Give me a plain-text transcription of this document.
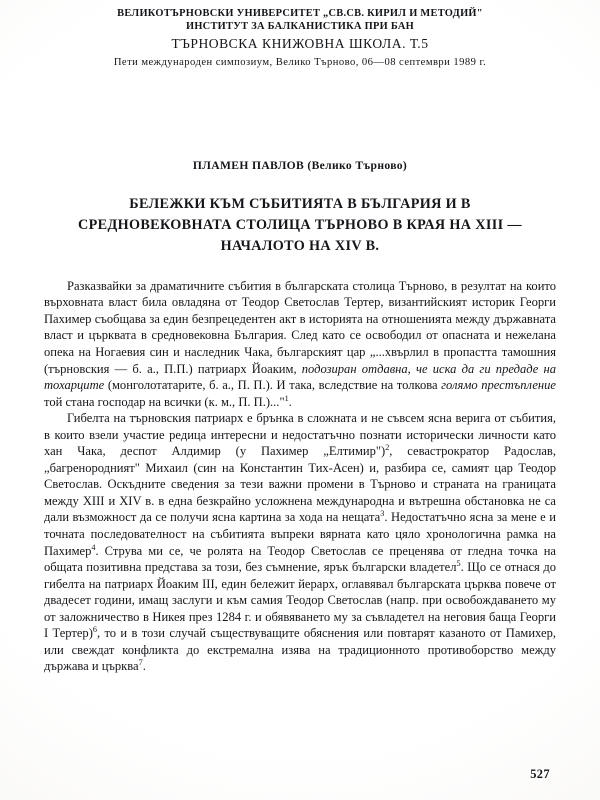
ВЕЛИКОТЪРНОВСКИ УНИВЕРСИТЕТ „СВ.СВ. КИРИЛ И МЕТОДИЙ"
ИНСТИТУТ ЗА БАЛКАНИСТИКА ПРИ БАН
ТЪРНОВСКА КНИЖОВНА ШКОЛА. Т.5
Пети международен симпозиум, Велико Търново, 06—08 септември 1989 г.
ПЛАМЕН ПАВЛОВ (Велико Търново)
БЕЛЕЖКИ КЪМ СЪБИТИЯТА В БЪЛГАРИЯ И В
СРЕДНОВЕКОВНАТА СТОЛИЦА ТЪРНОВО В КРАЯ НА XIII —
НАЧАЛОТО НА XIV В.

Разказвайки за драматичните събития в българската столица Търново, в резултат на които върховната власт била овладяна от Теодор Светослав Тертер, византийският историк Георги Пахимер съобщава за един безпрецедентен акт в историята на отношенията между държавната власт и църквата в средновековна България. След като се освободил от опасната и нежелана опека на Ногаевия син и наследник Чака, българският цар „...хвърлил в пропастта тамошния (търновския — б. а., П.П.) патриарх Йоаким, подозиран отдавна, че иска да ги предаде на тохарците (монголотатарите, б. а., П. П.). И така, вследствие на толкова голямо престъпление той стана господар на всички (к. м., П. П.)..."$^1$.

Гибелта на търновския патриарх е брънка в сложната и не съвсем ясна верига от събития, в които взели участие редица интересни и недостатъчно познати исторически личности като хан Чака, деспот Алдимир (у Пахимер „Елтимир")$^2$, севастрократор Радослав, „багренородният" Михаил (син на Константин Тих-Асен) и, разбира се, самият цар Теодор Светослав. Оскъдните сведения за тези важни промени в Търново и страната на границата между XIII и XIV в. в една безкрайно усложнена международна и вътрешна обстановка не са дали възможност да се получи ясна картина за хода на нещата$^3$. Недостатъчно ясна за мене е и точната последователност на събитията въпреки вярната като цяло хронологична рамка на Пахимер$^4$. Струва ми се, че ролята на Теодор Светослав се преценява от гледна точка на общата позитивна представа за този, без съмнение, ярък български владетел$^5$. Що се отнася до гибелта на патриарх Йоаким III, един бележит йерарх, оглавявал българската църква повече от двадесет години, имащ заслуги и към самия Теодор Светослав (напр. при освобождаването му от заложничество в Никея през 1284 г. и обявяването му за съвладетел на неговия баща Георги I Тертер)$^6$, то и в този случай съществуващите обяснения или повтарят казаното от Памихер, или свеждат конфликта до екстремална изява на традиционното противоборство между държава и църква$^7$.

527
